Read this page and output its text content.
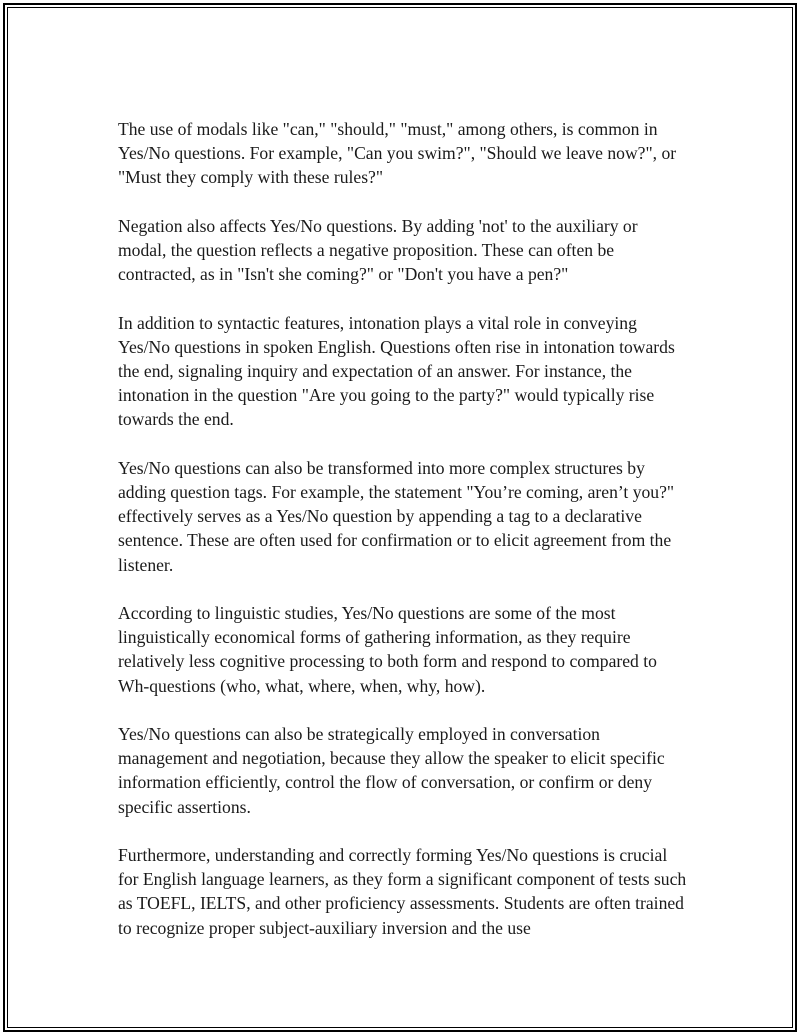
The use of modals like "can," "should," "must," among others, is common in Yes/No questions. For example, "Can you swim?", "Should we leave now?", or "Must they comply with these rules?"

Negation also affects Yes/No questions. By adding 'not' to the auxiliary or modal, the question reflects a negative proposition. These can often be contracted, as in "Isn't she coming?" or "Don't you have a pen?"

In addition to syntactic features, intonation plays a vital role in conveying Yes/No questions in spoken English. Questions often rise in intonation towards the end, signaling inquiry and expectation of an answer. For instance, the intonation in the question "Are you going to the party?" would typically rise towards the end.

Yes/No questions can also be transformed into more complex structures by adding question tags. For example, the statement "You’re coming, aren’t you?" effectively serves as a Yes/No question by appending a tag to a declarative sentence. These are often used for confirmation or to elicit agreement from the listener.

According to linguistic studies, Yes/No questions are some of the most linguistically economical forms of gathering information, as they require relatively less cognitive processing to both form and respond to compared to Wh-questions (who, what, where, when, why, how).

Yes/No questions can also be strategically employed in conversation management and negotiation, because they allow the speaker to elicit specific information efficiently, control the flow of conversation, or confirm or deny specific assertions.

Furthermore, understanding and correctly forming Yes/No questions is crucial for English language learners, as they form a significant component of tests such as TOEFL, IELTS, and other proficiency assessments. Students are often trained to recognize proper subject-auxiliary inversion and the use
